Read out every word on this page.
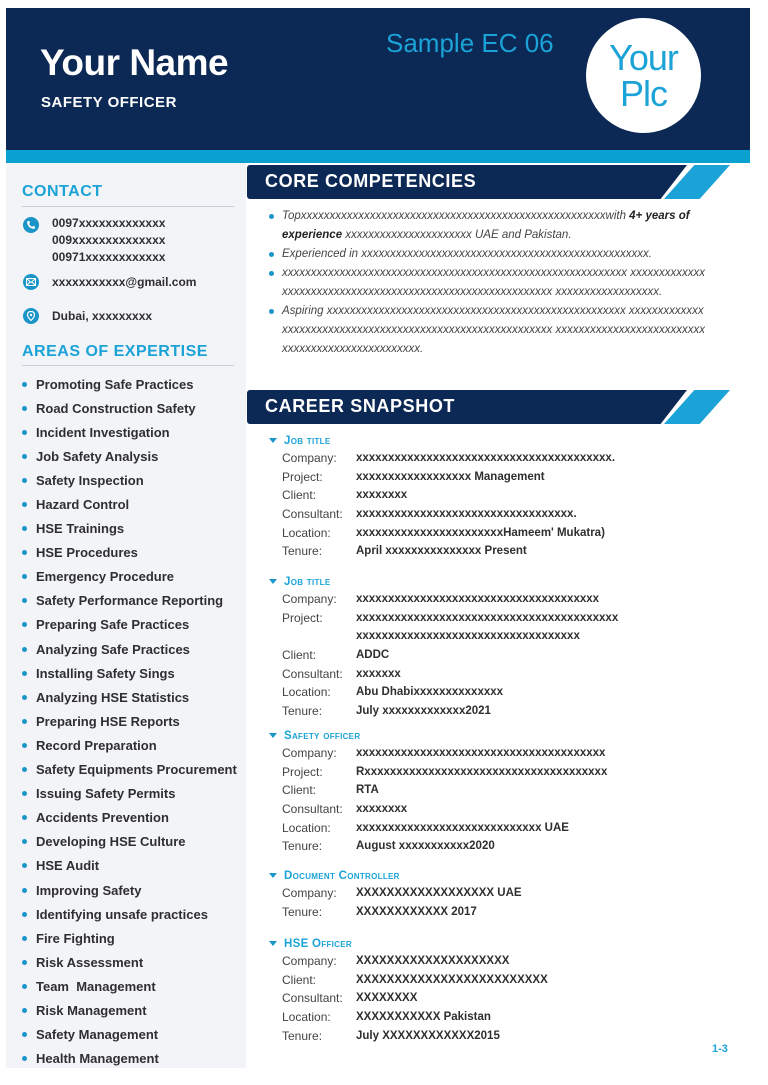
Your Name
SAFETY OFFICER
Sample EC 06 Your
Plc
CONTACT
0097xxxxxxxxxxxxx
009xxxxxxxxxxxxxx
00971xxxxxxxxxxxx
xxxxxxxxxxx@gmail.com
Dubai, xxxxxxxxx
AREAS OF EXPERTISE
Promoting Safe Practices
Road Construction Safety
Incident Investigation
Job Safety Analysis
Safety Inspection
Hazard Control
HSE Trainings
HSE Procedures
Emergency Procedure
Safety Performance Reporting
Preparing Safe Practices
Analyzing Safe Practices
Installing Safety Sings
Analyzing HSE Statistics
Preparing HSE Reports
Record Preparation
Safety Equipments Procurement
Issuing Safety Permits
Accidents Prevention
Developing HSE Culture
HSE Audit
Improving Safety
Identifying unsafe practices
Fire Fighting
Risk Assessment
Team  Management
Risk Management
Safety Management
Health Management
CORE COMPETENCIES
Topxxxxxxxxxxxxxxxxxxxxxxxxxxxxxxxxxxxxxxxxxxxxxxxxxxxxxwith 4+ years of experience xxxxxxxxxxxxxxxxxxxxxx UAE and Pakistan.
Experienced in xxxxxxxxxxxxxxxxxxxxxxxxxxxxxxxxxxxxxxxxxxxxxxxxxx.
xxxxxxxxxxxxxxxxxxxxxxxxxxxxxxxxxxxxxxxxxxxxxxxxxxxxxxxxxxxx xxxxxxxxxxxxxxxxxxxxxxxxxxxxxxxxxxxxxxxxxxxxxxxxxxxxxxxxxxxx xxxxxxxxxxxxxxxxxx.
Aspiring xxxxxxxxxxxxxxxxxxxxxxxxxxxxxxxxxxxxxxxxxxxxxxxxxxxx xxxxxxxxxxxxxxxxxxxxxxxxxxxxxxxxxxxxxxxxxxxxxxxxxxxxxxxxxxxx xxxxxxxxxxxxxxxxxxxxxxxxxxxxxxxxxxxxxxxxxxxxxxxxxx.
CAREER SNAPSHOT
Job title
Company:	xxxxxxxxxxxxxxxxxxxxxxxxxxxxxxxxxxxxxxxx.
Project:	xxxxxxxxxxxxxxxxxx Management
Client:	xxxxxxxx
Consultant:	xxxxxxxxxxxxxxxxxxxxxxxxxxxxxxxxxx.
Location:	xxxxxxxxxxxxxxxxxxxxxxxHameem' Mukatra)
Tenure:	April xxxxxxxxxxxxxxx Present
Job title
Company:	xxxxxxxxxxxxxxxxxxxxxxxxxxxxxxxxxxxxxx
Project:	xxxxxxxxxxxxxxxxxxxxxxxxxxxxxxxxxxxxxxxxx
xxxxxxxxxxxxxxxxxxxxxxxxxxxxxxxxxxx
Client:	ADDC
Consultant:	xxxxxxx
Location:	Abu Dhabixxxxxxxxxxxxxx
Tenure:	July xxxxxxxxxxxxx2021
Safety officer
Company:	xxxxxxxxxxxxxxxxxxxxxxxxxxxxxxxxxxxxxxx
Project:	Rxxxxxxxxxxxxxxxxxxxxxxxxxxxxxxxxxxxxxx
Client:	RTA
Consultant:	xxxxxxxx
Location:	xxxxxxxxxxxxxxxxxxxxxxxxxxxxx UAE
Tenure:	August xxxxxxxxxxx2020
Document Controller
Company:	XXXXXXXXXXXXXXXXXX UAE
Tenure:	XXXXXXXXXXXX 2017
HSE Officer
Company:	XXXXXXXXXXXXXXXXXXXX
Client:	XXXXXXXXXXXXXXXXXXXXXXXXX
Consultant:	XXXXXXXX
Location:	XXXXXXXXXXX Pakistan
Tenure:	July XXXXXXXXXXXX2015
1-3
